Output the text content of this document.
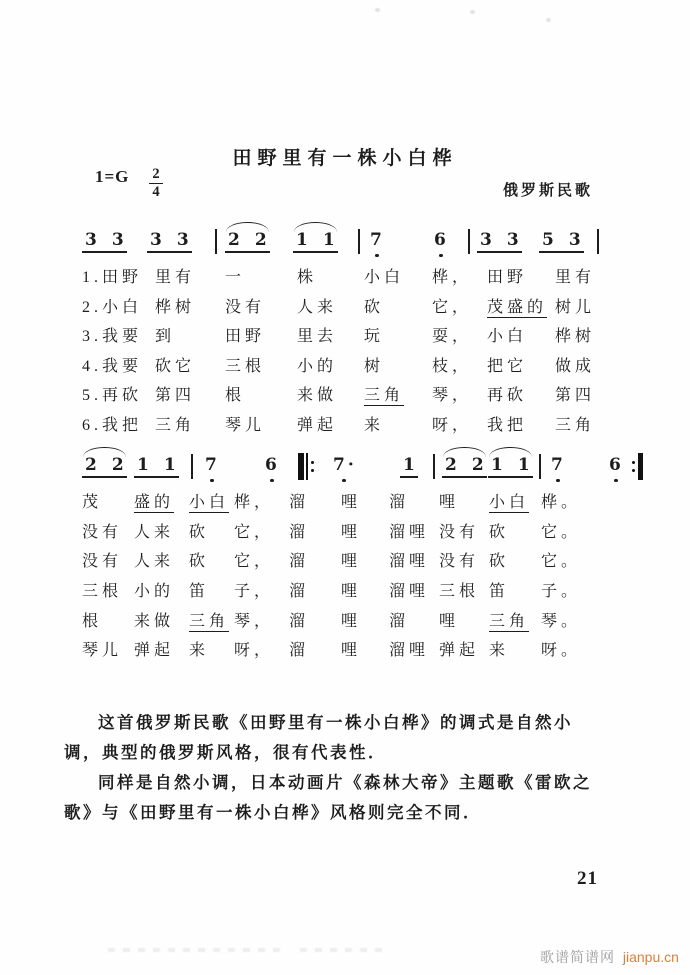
田野里有一株小白桦
$1=G \frac{2}{4}$	俄罗斯民歌
3 3 3 3 2 2 1 1 7	6 3 3 5 3
1.田野 里有	一	株	小白	桦， 田野	里有
2.小白 桦树	没有	人来	砍	它， 茂盛的 树儿
3.我要 到	田野	里去	玩	耍， 小白	桦树
4.我要 砍它	三根	小的	树	枝， 把它	做成
5.再砍 第四	根	来做	三角	琴， 再砍	第四
6.我把 三角	琴儿	弹起	来	呀， 我把	三角
2 2 1 1 7	6	7 ·	1 2 2 1 1 7	6
茂	盛的 小白 桦， 溜	哩	溜	哩	小白 桦。
没有 人来 砍	它， 溜	哩	溜哩 没有 砍	它。
没有 人来 砍	它， 溜	哩	溜哩 没有 砍	它。
三根 小的 笛	子， 溜	哩	溜哩 三根 笛	子。
根	来做 三角 琴， 溜	哩	溜	哩	三角 琴。
琴儿 弹起 来	呀， 溜	哩	溜哩 弹起 来	呀。
这首俄罗斯民歌《田野里有一株小白桦》的调式是自然小
调，典型的俄罗斯风格，很有代表性．
同样是自然小调，日本动画片《森林大帝》主题歌《雷欧之
歌》与《田野里有一株小白桦》风格则完全不同．
21
歌谱简谱网 jianpu.cn
